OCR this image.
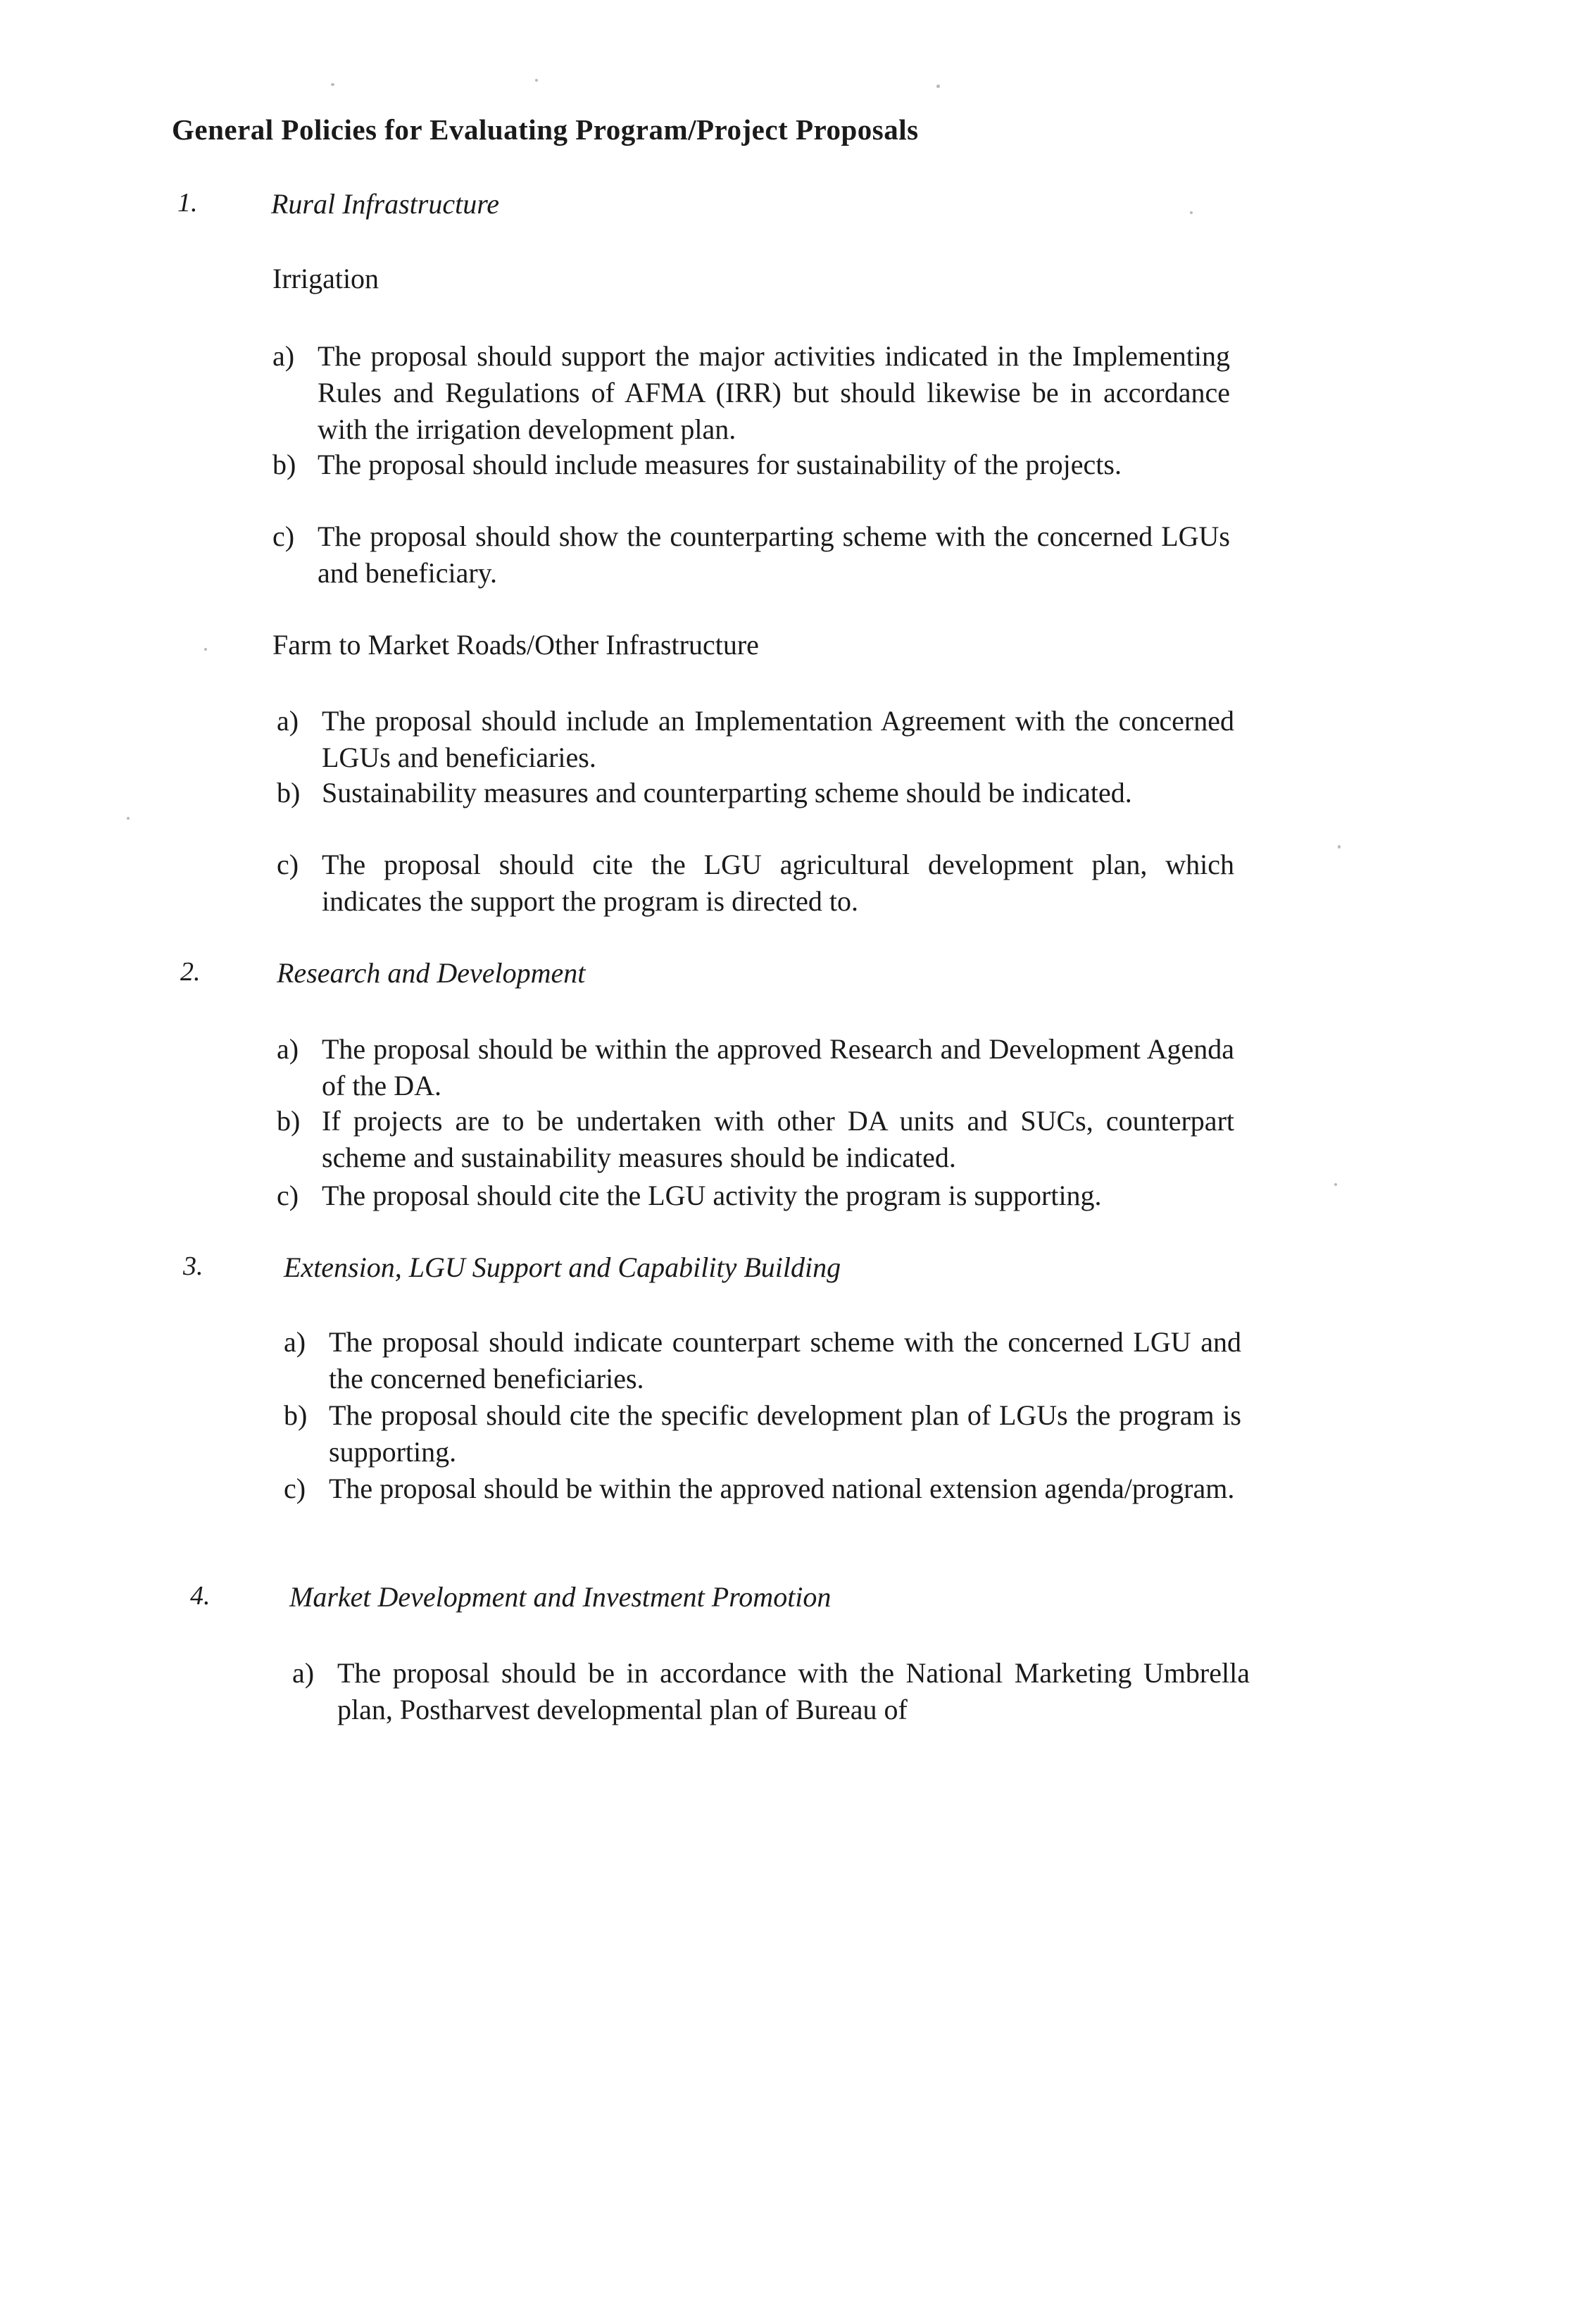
General Policies for Evaluating Program/Project Proposals
1.	Rural Infrastructure
Irrigation
a) The proposal should support the major activities indicated in the Implementing Rules and Regulations of AFMA (IRR) but should likewise be in accordance with the irrigation development plan.
b) The proposal should include measures for sustainability of the projects.
c) The proposal should show the counterparting scheme with the concerned LGUs and beneficiary.
Farm to Market Roads/Other Infrastructure
a) The proposal should include an Implementation Agreement with the concerned LGUs and beneficiaries.
b) Sustainability measures and counterparting scheme should be indicated.
c) The proposal should cite the LGU agricultural development plan, which indicates the support the program is directed to.
2.	Research and Development
a) The proposal should be within the approved Research and Development Agenda of the DA.
b) If projects are to be undertaken with other DA units and SUCs, counterpart scheme and sustainability measures should be indicated.
c) The proposal should cite the LGU activity the program is supporting.
3.	Extension, LGU Support and Capability Building
a) The proposal should indicate counterpart scheme with the concerned LGU and the concerned beneficiaries.
b) The proposal should cite the specific development plan of LGUs the program is supporting.
c) The proposal should be within the approved national extension agenda/program.
4.	Market Development and Investment Promotion
a) The proposal should be in accordance with the National Marketing Umbrella plan, Postharvest developmental plan of Bureau of
